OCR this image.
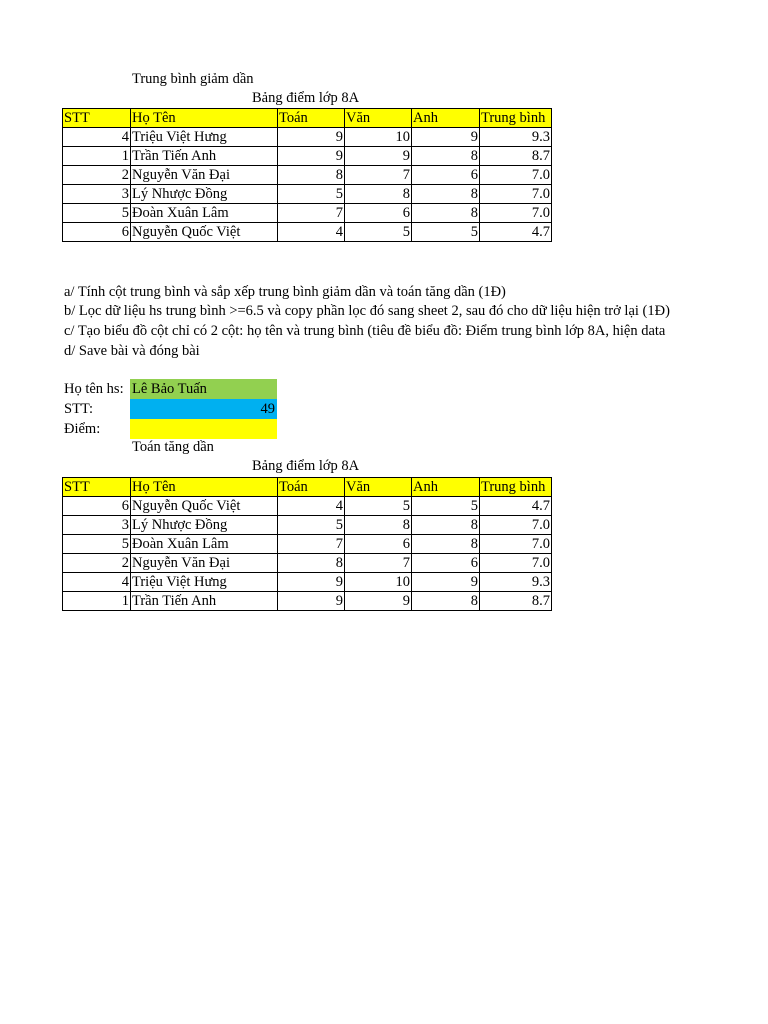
Trung bình giảm dần
Bảng điểm lớp 8A
STT	Họ Tên	Toán	Văn	Anh	Trung bình
4	Triệu Việt Hưng	9	10	9	9.3
1	Trần Tiến Anh	9	9	8	8.7
2	Nguyễn Văn Đại	8	7	6	7.0
3	Lý Nhược Đồng	5	8	8	7.0
5	Đoàn Xuân Lâm	7	6	8	7.0
6	Nguyễn Quốc Việt	4	5	5	4.7
a/ Tính cột trung bình và sắp xếp trung bình giảm dần và toán tăng dần (1Đ)
b/ Lọc dữ liệu hs trung bình >=6.5 và copy phần lọc đó sang sheet 2, sau đó cho dữ liệu hiện trở lại (1Đ)
c/ Tạo biểu đồ cột chỉ có 2 cột: họ tên và trung bình (tiêu đề biểu đồ: Điểm trung bình lớp 8A, hiện data
d/ Save bài và đóng bài
Họ tên hs: Lê Bảo Tuấn
STT:	49
Điểm:
Toán tăng dần
Bảng điểm lớp 8A
STT	Họ Tên	Toán	Văn	Anh	Trung bình
6	Nguyễn Quốc Việt	4	5	5	4.7
3	Lý Nhược Đồng	5	8	8	7.0
5	Đoàn Xuân Lâm	7	6	8	7.0
2	Nguyễn Văn Đại	8	7	6	7.0
4	Triệu Việt Hưng	9	10	9	9.3
1	Trần Tiến Anh	9	9	8	8.7
